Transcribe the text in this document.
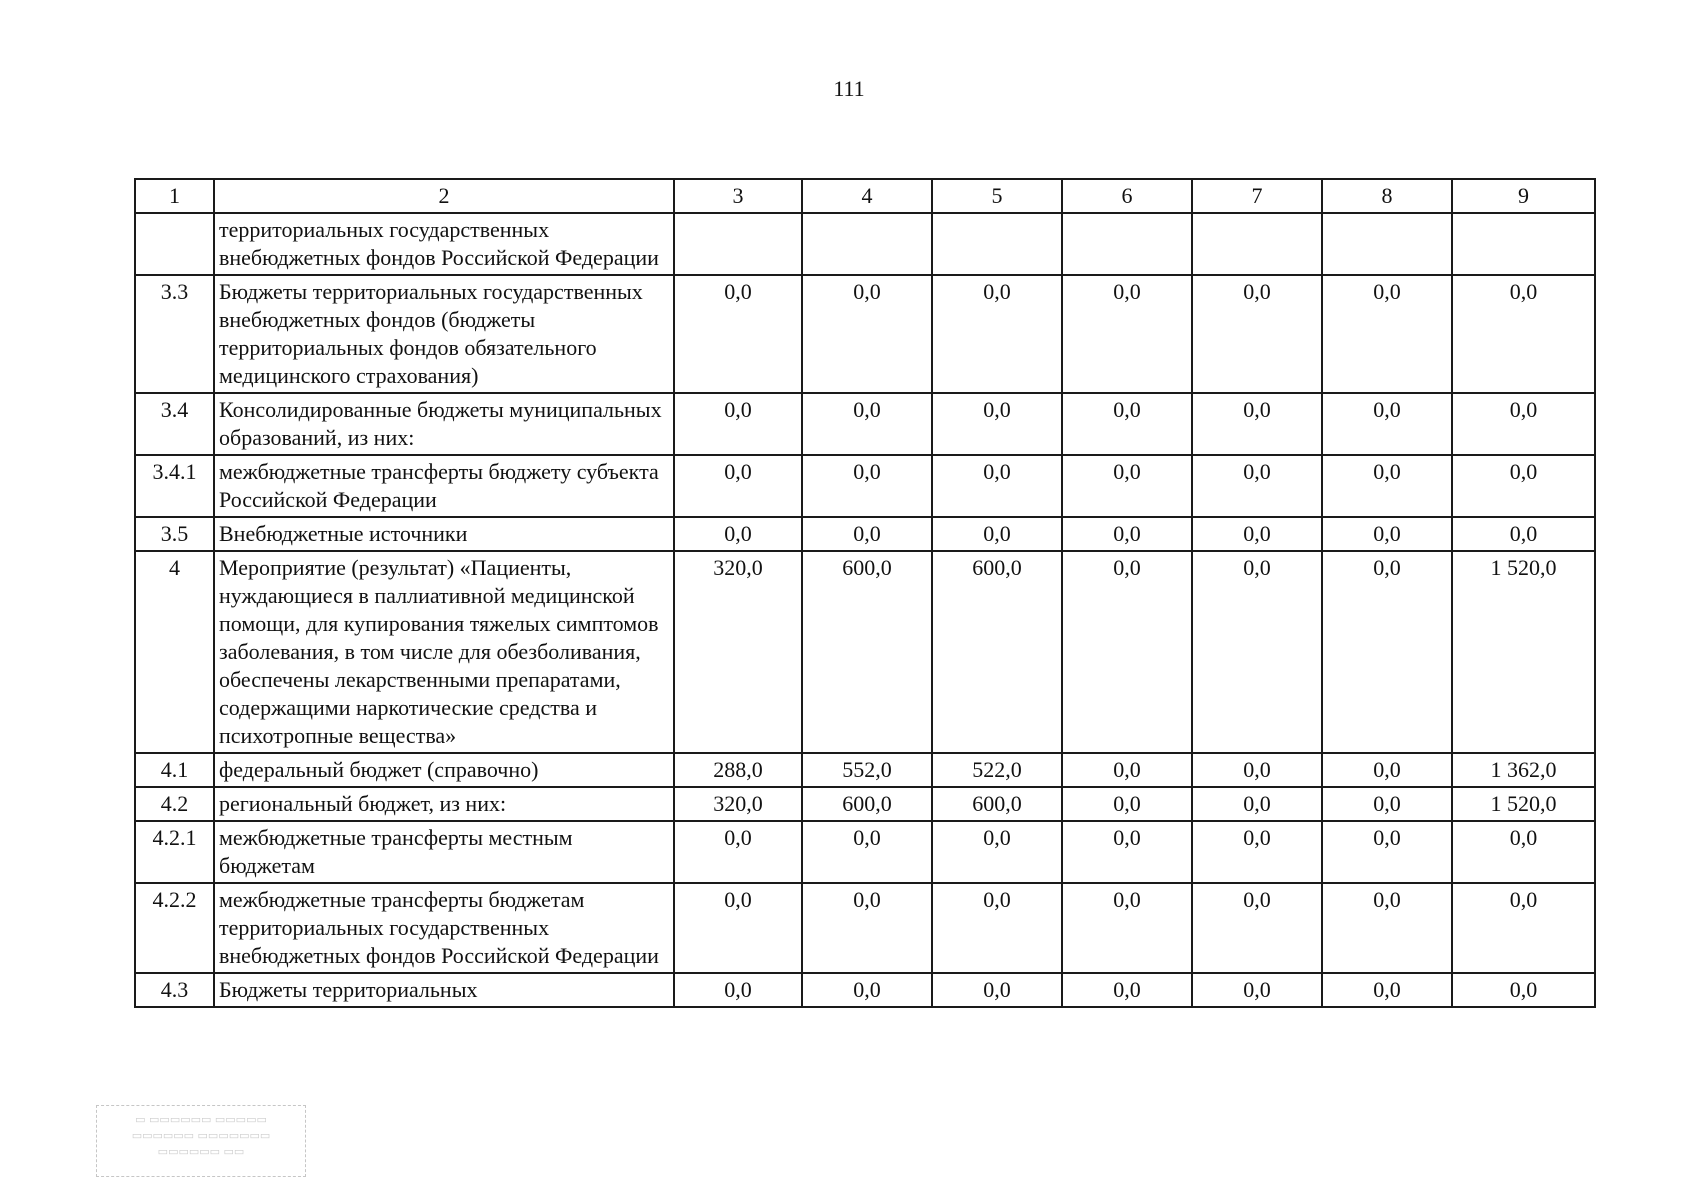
111
1	2	3	4	5	6	7	8	9
	территориальных государственных внебюджетных фондов Российской Федерации							
3.3	Бюджеты территориальных государственных внебюджетных фондов (бюджеты территориальных фондов обязательного медицинского страхования)	0,0	0,0	0,0	0,0	0,0	0,0	0,0
3.4	Консолидированные бюджеты муниципальных образований, из них:	0,0	0,0	0,0	0,0	0,0	0,0	0,0
3.4.1	межбюджетные трансферты бюджету субъекта Российской Федерации	0,0	0,0	0,0	0,0	0,0	0,0	0,0
3.5	Внебюджетные источники	0,0	0,0	0,0	0,0	0,0	0,0	0,0
4	Мероприятие (результат) «Пациенты, нуждающиеся в паллиативной медицинской помощи, для купирования тяжелых симптомов заболевания, в том числе для обезболивания, обеспечены лекарственными препаратами, содержащими наркотические средства и психотропные вещества»	320,0	600,0	600,0	0,0	0,0	0,0	1 520,0
4.1	федеральный бюджет (справочно)	288,0	552,0	522,0	0,0	0,0	0,0	1 362,0
4.2	региональный бюджет, из них:	320,0	600,0	600,0	0,0	0,0	0,0	1 520,0
4.2.1	межбюджетные трансферты местным бюджетам	0,0	0,0	0,0	0,0	0,0	0,0	0,0
4.2.2	межбюджетные трансферты бюджетам территориальных государственных внебюджетных фондов Российской Федерации	0,0	0,0	0,0	0,0	0,0	0,0	0,0
4.3	Бюджеты территориальных	0,0	0,0	0,0	0,0	0,0	0,0	0,0
▭ ▭▭▭▭▭▭ ▭▭▭▭▭
▭▭▭▭▭▭ ▭▭▭▭▭▭▭
▭▭▭▭▭▭ ▭▭
